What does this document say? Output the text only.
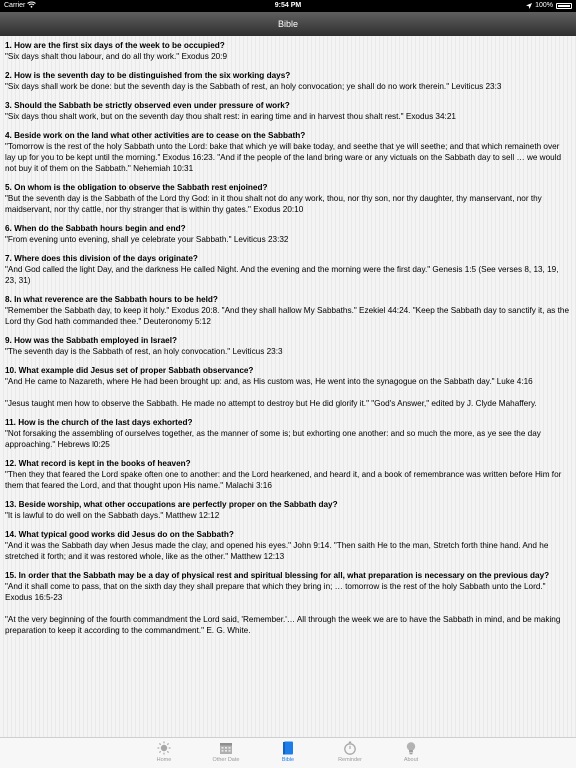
Carrier	9:54 PM	100%
Bible
1. How are the first six days of the week to be occupied?
"Six days shalt thou labour, and do all thy work." Exodus 20:9
2. How is the seventh day to be distinguished from the six working days?
"Six days shall work be done: but the seventh day is the Sabbath of rest, an holy convocation; ye shall do no work therein." Leviticus 23:3
3. Should the Sabbath be strictly observed even under pressure of work?
"Six days thou shalt work, but on the seventh day thou shalt rest: in earing time and in harvest thou shalt rest." Exodus 34:21
4. Beside work on the land what other activities are to cease on the Sabbath?
"Tomorrow is the rest of the holy Sabbath unto the Lord: bake that which ye will bake today, and seethe that ye will seethe; and that which remaineth over lay up for you to be kept until the morning." Exodus 16:23. "And if the people of the land bring ware or any victuals on the Sabbath day to sell … we would not buy it of them on the Sabbath." Nehemiah 10:31
5. On whom is the obligation to observe the Sabbath rest enjoined?
"But the seventh day is the Sabbath of the Lord thy God: in it thou shalt not do any work, thou, nor thy son, nor thy daughter, thy manservant, nor thy maidservant, nor thy cattle, nor thy stranger that is within thy gates." Exodus 20:10
6. When do the Sabbath hours begin and end?
"From evening unto evening, shall ye celebrate your Sabbath." Leviticus 23:32
7. Where does this division of the days originate?
"And God called the light Day, and the darkness He called Night. And the evening and the morning were the first day." Genesis 1:5 (See verses 8, 13, 19, 23, 31)
8. In what reverence are the Sabbath hours to be held?
"Remember the Sabbath day, to keep it holy." Exodus 20:8. "And they shall hallow My Sabbaths." Ezekiel 44:24. "Keep the Sabbath day to sanctify it, as the Lord thy God hath commanded thee." Deuteronomy 5:12
9. How was the Sabbath employed in Israel?
"The seventh day is the Sabbath of rest, an holy convocation." Leviticus 23:3
10. What example did Jesus set of proper Sabbath observance?
"And He came to Nazareth, where He had been brought up: and, as His custom was, He went into the synagogue on the Sabbath day." Luke 4:16
"Jesus taught men how to observe the Sabbath. He made no attempt to destroy but He did glorify it." "God's Answer," edited by J. Clyde Mahaffery.
11. How is the church of the last days exhorted?
"Not forsaking the assembling of ourselves together, as the manner of some is; but exhorting one another: and so much the more, as ye see the day approaching." Hebrews l0:25
12. What record is kept in the books of heaven?
"Then they that feared the Lord spake often one to another: and the Lord hearkened, and heard it, and a book of remembrance was written before Him for them that feared the Lord, and that thought upon His name." Malachi 3:16
13. Beside worship, what other occupations are perfectly proper on the Sabbath day?
"It is lawful to do well on the Sabbath days." Matthew 12:12
14. What typical good works did Jesus do on the Sabbath?
"And it was the Sabbath day when Jesus made the clay, and opened his eyes." John 9:14. "Then saith He to the man, Stretch forth thine hand. And he stretched it forth; and it was restored whole, like as the other." Matthew 12:13
15. In order that the Sabbath may be a day of physical rest and spiritual blessing for all, what preparation is necessary on the previous day?
"And it shall come to pass, that on the sixth day they shall prepare that which they bring in; … tomorrow is the rest of the holy Sabbath unto the Lord." Exodus 16:5-23
"At the very beginning of the fourth commandment the Lord said, 'Remember.'… All through the week we are to have the Sabbath in mind, and be making preparation to keep it according to the commandment." E. G. White.
Home	Other Date	Bible	Reminder	About
